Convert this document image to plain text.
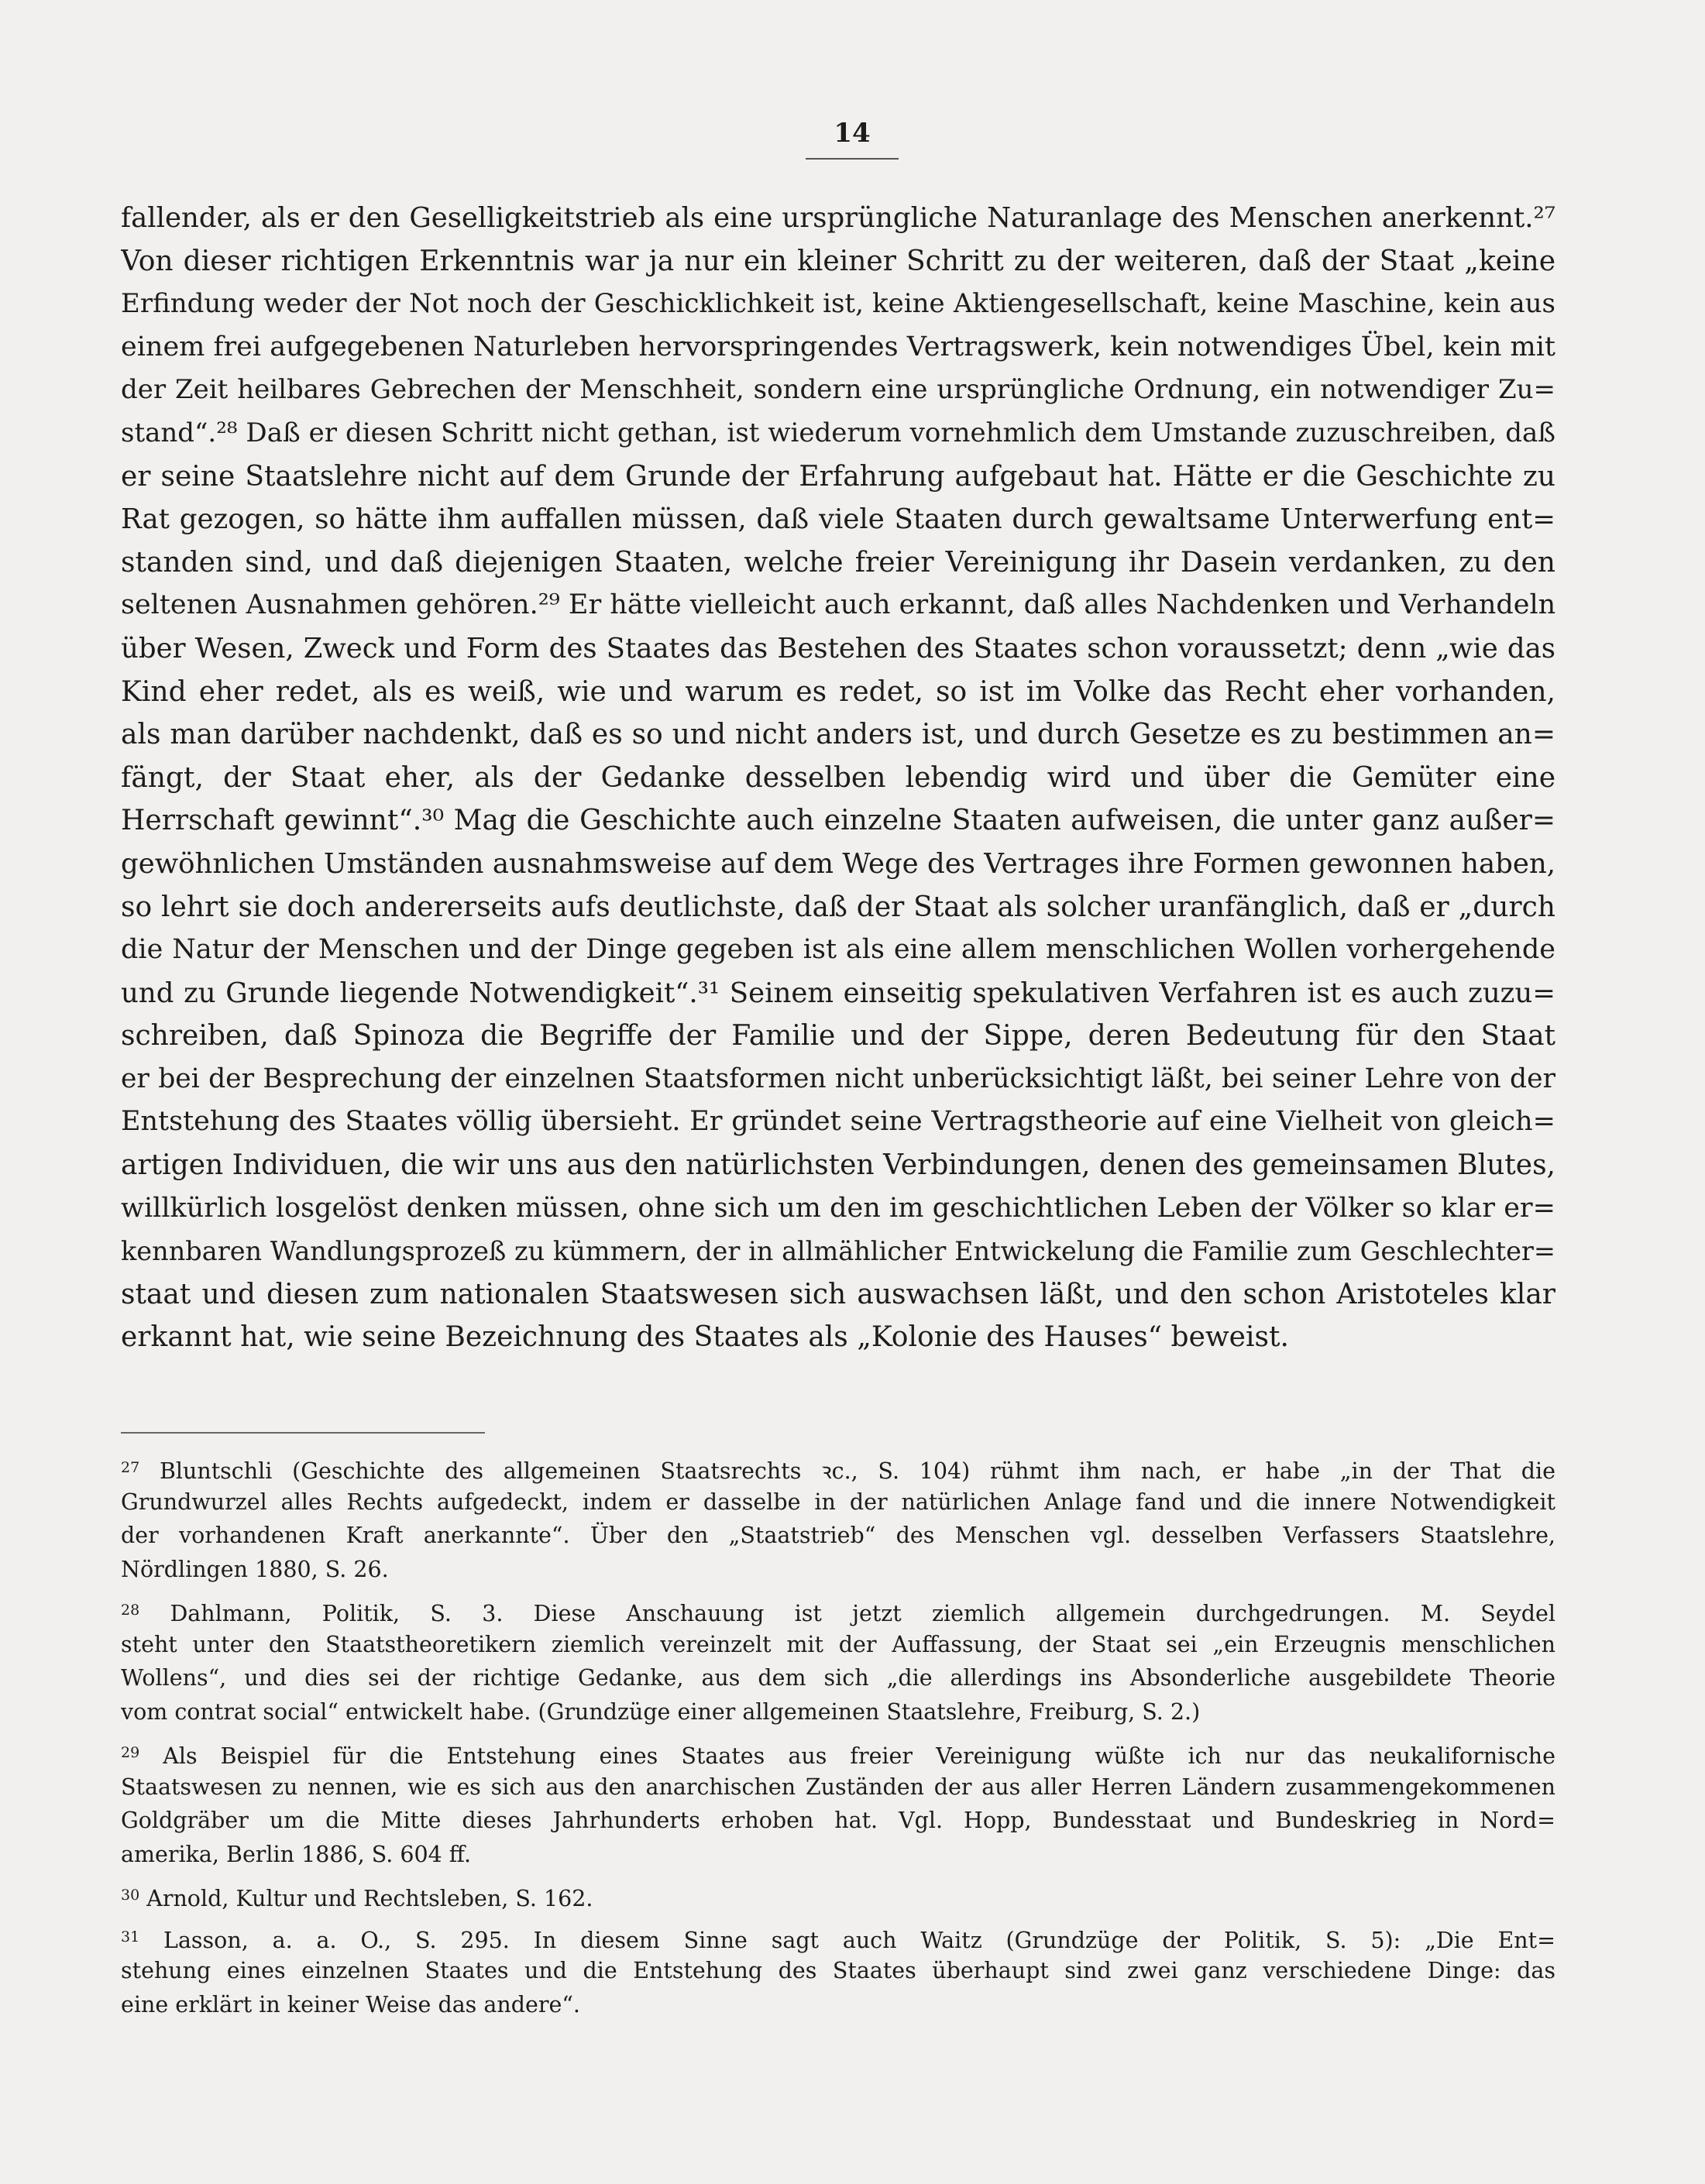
14
fallender, als er den Geselligkeitstrieb als eine ursprüngliche Naturanlage des Menschen anerkennt.²⁷
Von dieser richtigen Erkenntnis war ja nur ein kleiner Schritt zu der weiteren, daß der Staat „keine
Erfindung weder der Not noch der Geschicklichkeit ist, keine Aktiengesellschaft, keine Maschine, kein aus
einem frei aufgegebenen Naturleben hervorspringendes Vertragswerk, kein notwendiges Übel, kein mit
der Zeit heilbares Gebrechen der Menschheit, sondern eine ursprüngliche Ordnung, ein notwendiger Zu=
stand“.²⁸ Daß er diesen Schritt nicht gethan, ist wiederum vornehmlich dem Umstande zuzuschreiben, daß
er seine Staatslehre nicht auf dem Grunde der Erfahrung aufgebaut hat. Hätte er die Geschichte zu
Rat gezogen, so hätte ihm auffallen müssen, daß viele Staaten durch gewaltsame Unterwerfung ent=
standen sind, und daß diejenigen Staaten, welche freier Vereinigung ihr Dasein verdanken, zu den
seltenen Ausnahmen gehören.²⁹ Er hätte vielleicht auch erkannt, daß alles Nachdenken und Verhandeln
über Wesen, Zweck und Form des Staates das Bestehen des Staates schon voraussetzt; denn „wie das
Kind eher redet, als es weiß, wie und warum es redet, so ist im Volke das Recht eher vorhanden,
als man darüber nachdenkt, daß es so und nicht anders ist, und durch Gesetze es zu bestimmen an=
fängt, der Staat eher, als der Gedanke desselben lebendig wird und über die Gemüter eine
Herrschaft gewinnt“.³⁰ Mag die Geschichte auch einzelne Staaten aufweisen, die unter ganz außer=
gewöhnlichen Umständen ausnahmsweise auf dem Wege des Vertrages ihre Formen gewonnen haben,
so lehrt sie doch andererseits aufs deutlichste, daß der Staat als solcher uranfänglich, daß er „durch
die Natur der Menschen und der Dinge gegeben ist als eine allem menschlichen Wollen vorhergehende
und zu Grunde liegende Notwendigkeit“.³¹ Seinem einseitig spekulativen Verfahren ist es auch zuzu=
schreiben, daß Spinoza die Begriffe der Familie und der Sippe, deren Bedeutung für den Staat
er bei der Besprechung der einzelnen Staatsformen nicht unberücksichtigt läßt, bei seiner Lehre von der
Entstehung des Staates völlig übersieht. Er gründet seine Vertragstheorie auf eine Vielheit von gleich=
artigen Individuen, die wir uns aus den natürlichsten Verbindungen, denen des gemeinsamen Blutes,
willkürlich losgelöst denken müssen, ohne sich um den im geschichtlichen Leben der Völker so klar er=
kennbaren Wandlungsprozeß zu kümmern, der in allmählicher Entwickelung die Familie zum Geschlechter=
staat und diesen zum nationalen Staatswesen sich auswachsen läßt, und den schon Aristoteles klar
erkannt hat, wie seine Bezeichnung des Staates als „Kolonie des Hauses“ beweist.
$^{27}$ Bluntschli (Geschichte des allgemeinen Staatsrechts ꝛc., S. 104) rühmt ihm nach, er habe „in der That die
Grundwurzel alles Rechts aufgedeckt, indem er dasselbe in der natürlichen Anlage fand und die innere Notwendigkeit
der vorhandenen Kraft anerkannte“. Über den „Staatstrieb“ des Menschen vgl. desselben Verfassers Staatslehre,
Nördlingen 1880, S. 26.
$^{28}$ Dahlmann, Politik, S. 3. Diese Anschauung ist jetzt ziemlich allgemein durchgedrungen. M. Seydel
steht unter den Staatstheoretikern ziemlich vereinzelt mit der Auffassung, der Staat sei „ein Erzeugnis menschlichen
Wollens“, und dies sei der richtige Gedanke, aus dem sich „die allerdings ins Absonderliche ausgebildete Theorie
vom contrat social“ entwickelt habe. (Grundzüge einer allgemeinen Staatslehre, Freiburg, S. 2.)
$^{29}$ Als Beispiel für die Entstehung eines Staates aus freier Vereinigung wüßte ich nur das neukalifornische
Staatswesen zu nennen, wie es sich aus den anarchischen Zuständen der aus aller Herren Ländern zusammengekommenen
Goldgräber um die Mitte dieses Jahrhunderts erhoben hat. Vgl. Hopp, Bundesstaat und Bundeskrieg in Nord=
amerika, Berlin 1886, S. 604 ff.
$^{30}$ Arnold, Kultur und Rechtsleben, S. 162.
$^{31}$ Lasson, a. a. O., S. 295. In diesem Sinne sagt auch Waitz (Grundzüge der Politik, S. 5): „Die Ent=
stehung eines einzelnen Staates und die Entstehung des Staates überhaupt sind zwei ganz verschiedene Dinge: das
eine erklärt in keiner Weise das andere“.
